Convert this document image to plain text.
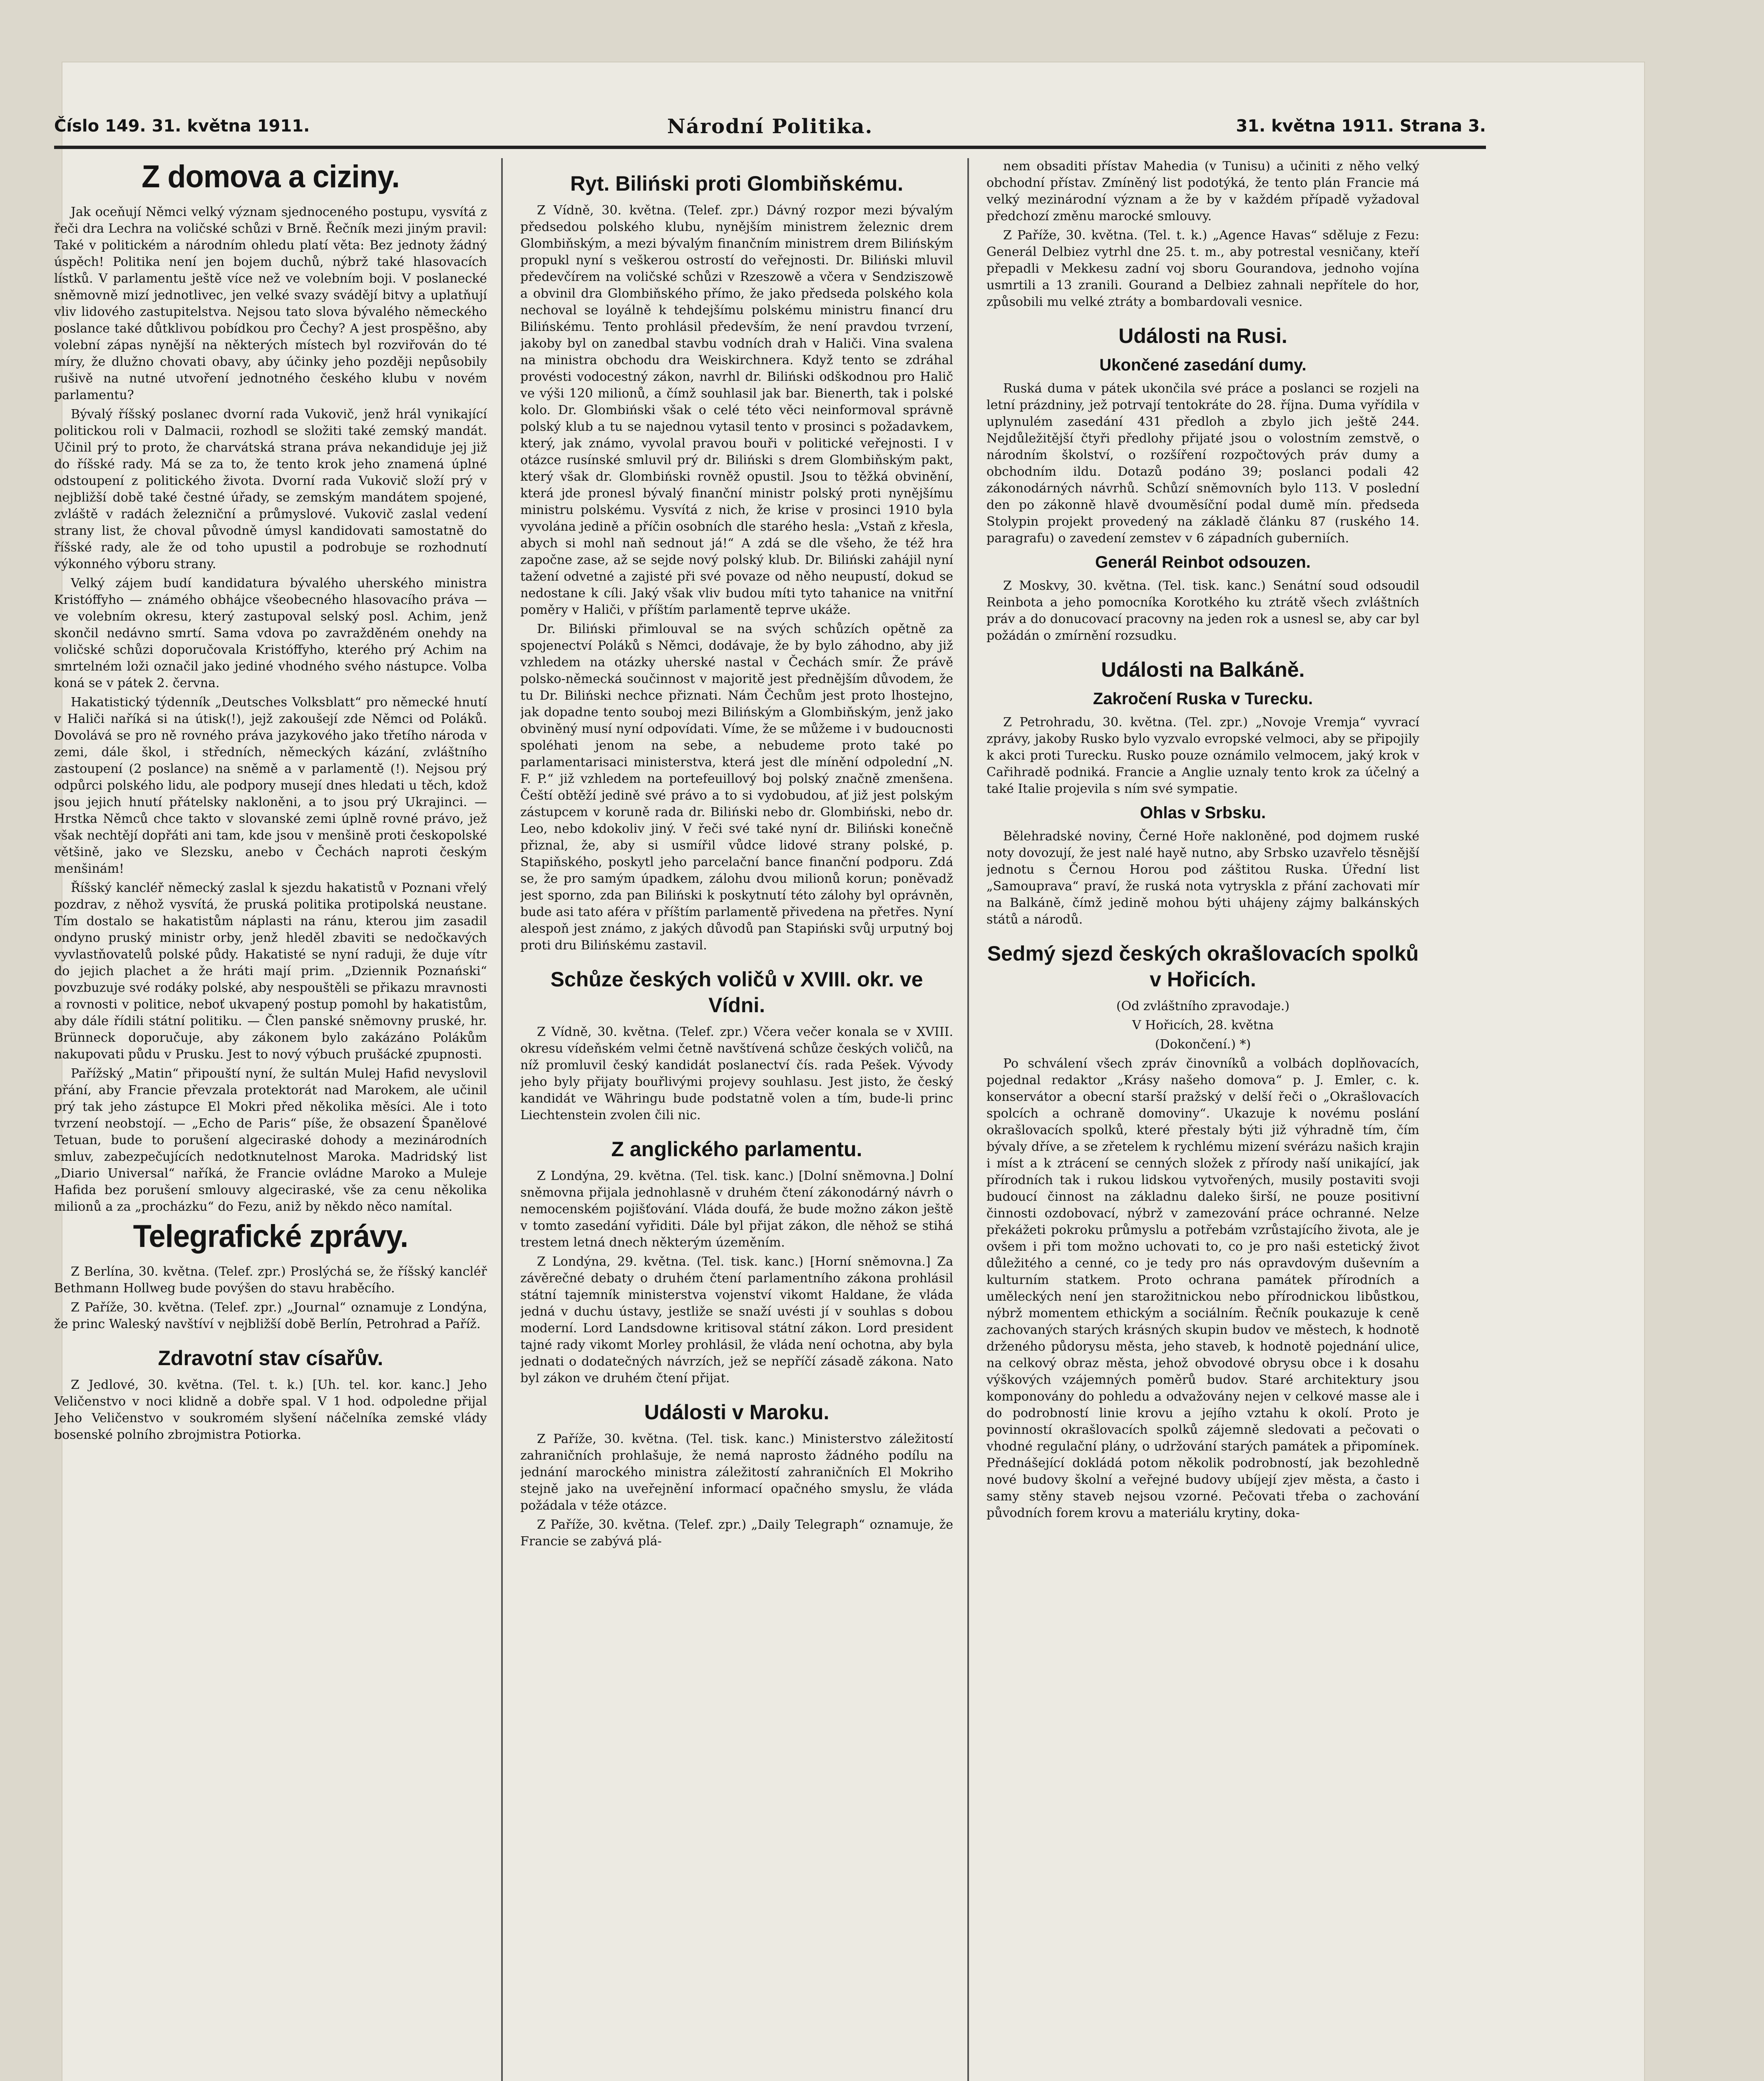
Číslo 149. 31. května 1911.	Národní Politika.	31. května 1911. Strana 3.
Z domova a ciziny.

Jak oceňují Němci velký význam sjednoceného postupu, vysvítá z řeči dra Lechra na voličské schůzi v Brně. Řečník mezi jiným pravil: Také v politickém a národním ohledu platí věta: Bez jednoty žádný úspěch! Politika není jen bojem duchů, nýbrž také hlasovacích lístků. V parlamentu ještě více než ve volebním boji. V poslanecké sněmovně mizí jednotlivec, jen velké svazy svádějí bitvy a uplatňují vliv lidového zastupitelstva. Nejsou tato slova bývalého německého poslance také důtklivou pobídkou pro Čechy? A jest prospěšno, aby volební zápas nynější na některých místech byl rozviřován do té míry, že dlužno chovati obavy, aby účinky jeho později nepůsobily rušivě na nutné utvoření jednotného českého klubu v novém parlamentu?

Bývalý říšský poslanec dvorní rada Vukovič, jenž hrál vynikající politickou roli v Dalmacii, rozhodl se složiti také zemský mandát. Učinil prý to proto, že charvátská strana práva nekandiduje jej již do říšské rady. Má se za to, že tento krok jeho znamená úplné odstoupení z politického života. Dvorní rada Vukovič složí prý v nejbližší době také čestné úřady, se zemským mandátem spojené, zvláště v radách železniční a průmyslové. Vukovič zaslal vedení strany list, že choval původně úmysl kandidovati samostatně do říšské rady, ale že od toho upustil a podrobuje se rozhodnutí výkonného výboru strany.

Velký zájem budí kandidatura bývalého uherského ministra Kristóffyho — známého obhájce všeobecného hlasovacího práva — ve volebním okresu, který zastupoval selský posl. Achim, jenž skončil nedávno smrtí. Sama vdova po zavražděném onehdy na voličské schůzi doporučovala Kristóffyho, kterého prý Achim na smrtelném loži označil jako jediné vhodného svého nástupce. Volba koná se v pátek 2. června.

Hakatistický týdenník „Deutsches Volksblatt“ pro německé hnutí v Haliči naříká si na útisk(!), jejž zakoušejí zde Němci od Poláků. Dovolává se pro ně rovného práva jazykového jako třetího národa v zemi, dále škol, i středních, německých kázání, zvláštního zastoupení (2 poslance) na sněmě a v parlamentě (!). Nejsou prý odpůrci polského lidu, ale podpory musejí dnes hledati u těch, kdož jsou jejich hnutí přátelsky nakloněni, a to jsou prý Ukrajinci. — Hrstka Němců chce takto v slovanské zemi úplně rovné právo, jež však nechtějí dopřáti ani tam, kde jsou v menšině proti českopolské většině, jako ve Slezsku, anebo v Čechách naproti českým menšinám!

Říšský kancléř německý zaslal k sjezdu hakatistů v Poznani vřelý pozdrav, z něhož vysvítá, že pruská politika protipolská neustane. Tím dostalo se hakatistům náplasti na ránu, kterou jim zasadil ondyno pruský ministr orby, jenž hleděl zbaviti se nedočkavých vyvlastňovatelů polské půdy. Hakatisté se nyní raduji, že duje vítr do jejich plachet a že hráti mají prim. „Dziennik Poznański“ povzbuzuje své rodáky polské, aby nespouštěli se přikazu mravnosti a rovnosti v politice, neboť ukvapený postup pomohl by hakatistům, aby dále řídili státní politiku. — Člen panské sněmovny pruské, hr. Brünneck doporučuje, aby zákonem bylo zakázáno Polákům nakupovati půdu v Prusku. Jest to nový výbuch prušácké zpupnosti.

Pařížský „Matin“ připouští nyní, že sultán Mulej Hafid nevyslovil přání, aby Francie převzala protektorát nad Marokem, ale učinil prý tak jeho zástupce El Mokri před několika měsíci. Ale i toto tvrzení neobstojí. — „Echo de Paris“ píše, že obsazení Španělové Tetuan, bude to porušení algeciraské dohody a mezinárodních smluv, zabezpečujících nedotknutelnost Maroka. Madridský list „Diario Universal“ naříká, že Francie ovládne Maroko a Muleje Hafida bez porušení smlouvy algeciraské, vše za cenu několika milionů a za „procházku“ do Fezu, aniž by někdo něco namítal.

Telegrafické zprávy.

Z Berlína, 30. května. (Telef. zpr.) Proslýchá se, že říšský kancléř Bethmann Hollweg bude povýšen do stavu hraběcího.

Z Paříže, 30. května. (Telef. zpr.) „Journal“ oznamuje z Londýna, že princ Waleský navštíví v nejbližší době Berlín, Petrohrad a Paříž.

Zdravotní stav císařův.

Z Jedlové, 30. května. (Tel. t. k.) [Uh. tel. kor. kanc.] Jeho Veličenstvo v noci klidně a dobře spal. V 1 hod. odpoledne přijal Jeho Veličenstvo v soukromém slyšení náčelníka zemské vlády bosenské polního zbrojmistra Potiorka.

Ryt. Biliński proti Glombiňskému.

Z Vídně, 30. května. (Telef. zpr.) Dávný rozpor mezi bývalým předsedou polského klubu, nynějším ministrem železnic drem Glombiňským, a mezi bývalým finančním ministrem drem Bilińským propukl nyní s veškerou ostrostí do veřejnosti. Dr. Biliński mluvil předevčírem na voličské schůzi v Rzeszowě a včera v Sendziszowě a obvinil dra Glombiňského přímo, že jako předseda polského kola nechoval se loyálně k tehdejšímu polskému ministru financí dru Bilińskému. Tento prohlásil především, že není pravdou tvrzení, jakoby byl on zanedbal stavbu vodních drah v Haliči. Vina svalena na ministra obchodu dra Weiskirchnera. Když tento se zdráhal provésti vodocestný zákon, navrhl dr. Biliński odškodnou pro Halič ve výši 120 milionů, a čímž souhlasil jak bar. Bienerth, tak i polské kolo. Dr. Glombiński však o celé této věci neinformoval správně polský klub a tu se najednou vytasil tento v prosinci s požadavkem, který, jak známo, vyvolal pravou bouři v politické veřejnosti. I v otázce rusínské smluvil prý dr. Biliński s drem Glombiňským pakt, který však dr. Glombiński rovněž opustil. Jsou to těžká obvinění, která jde pronesl bývalý finanční ministr polský proti nynějšímu ministru polskému. Vysvítá z nich, že krise v prosinci 1910 byla vyvolána jedině a příčin osobních dle starého hesla: „Vstaň z křesla, abych si mohl naň sednout já!“ A zdá se dle všeho, že též hra započne zase, až se sejde nový polský klub. Dr. Biliński zahájil nyní tažení odvetné a zajisté při své povaze od něho neupustí, dokud se nedostane k cíli. Jaký však vliv budou míti tyto tahanice na vnitřní poměry v Haliči, v příštím parlamentě teprve ukáže.

Dr. Biliński přimlouval se na svých schůzích opětně za spojenectví Poláků s Němci, dodávaje, že by bylo záhodno, aby již vzhledem na otázky uherské nastal v Čechách smír. Že právě polsko-německá součinnost v majoritě jest přednějším důvodem, že tu Dr. Biliński nechce přiznati. Nám Čechům jest proto lhostejno, jak dopadne tento souboj mezi Bilińským a Glombiňským, jenž jako obviněný musí nyní odpovídati. Víme, že se můžeme i v budoucnosti spoléhati jenom na sebe, a nebudeme proto také po parlamentarisaci ministerstva, která jest dle mínění odpolední „N. F. P.“ již vzhledem na portefeuillový boj polský značně zmenšena. Čeští obtěží jedině své právo a to si vydobudou, ať již jest polským zástupcem v koruně rada dr. Biliński nebo dr. Glombiński, nebo dr. Leo, nebo kdokoliv jiný. V řeči své také nyní dr. Biliński konečně přiznal, že, aby si usmířil vůdce lidové strany polské, p. Stapiňského, poskytl jeho parcelační bance finanční podporu. Zdá se, že pro samým úpadkem, zálohu dvou milionů korun; poněvadž jest sporno, zda pan Biliński k poskytnutí této zálohy byl oprávněn, bude asi tato aféra v příštím parlamentě přivedena na přetřes. Nyní alespoň jest známo, z jakých důvodů pan Stapiński svůj urputný boj proti dru Bilińskému zastavil.

Schůze českých voličů v XVIII. okr. ve Vídni.

Z Vídně, 30. května. (Telef. zpr.) Včera večer konala se v XVIII. okresu vídeňském velmi četně navštívená schůze českých voličů, na níž promluvil český kandidát poslanectví čís. rada Pešek. Vývody jeho byly přijaty bouřlivými projevy souhlasu. Jest jisto, že český kandidát ve Währingu bude podstatně volen a tím, bude-li princ Liechtenstein zvolen čili nic.

Z anglického parlamentu.

Z Londýna, 29. května. (Tel. tisk. kanc.) [Dolní sněmovna.] Dolní sněmovna přijala jednohlasně v druhém čtení zákonodárný návrh o nemocenském pojišťování. Vláda doufá, že bude možno zákon ještě v tomto zasedání vyřiditi. Dále byl přijat zákon, dle něhož se stihá trestem letná dnech některým územěním.

Z Londýna, 29. května. (Tel. tisk. kanc.) [Horní sněmovna.] Za závěrečné debaty o druhém čtení parlamentního zákona prohlásil státní tajemník ministerstva vojenství vikomt Haldane, že vláda jedná v duchu ústavy, jestliže se snaží uvésti jí v souhlas s dobou moderní. Lord Landsdowne kritisoval státní zákon. Lord president tajné rady vikomt Morley prohlásil, že vláda není ochotna, aby byla jednati o dodatečných návrzích, jež se nepříčí zásadě zákona. Nato byl zákon ve druhém čtení přijat.

Události v Maroku.

Z Paříže, 30. května. (Tel. tisk. kanc.) Ministerstvo záležitostí zahraničních prohlašuje, že nemá naprosto žádného podílu na jednání marockého ministra záležitostí zahraničních El Mokriho stejně jako na uveřejnění informací opačného smyslu, že vláda požádala v téže otázce.

Z Paříže, 30. května. (Telef. zpr.) „Daily Telegraph“ oznamuje, že Francie se zabývá plá-

nem obsaditi přístav Mahedia (v Tunisu) a učiniti z něho velký obchodní přístav. Zmíněný list podotýká, že tento plán Francie má velký mezinárodní význam a že by v každém případě vyžadoval předchozí změnu marocké smlouvy.

Z Paříže, 30. května. (Tel. t. k.) „Agence Havas“ sděluje z Fezu: Generál Delbiez vytrhl dne 25. t. m., aby potrestal vesničany, kteří přepadli v Mekkesu zadní voj sboru Gourandova, jednoho vojína usmrtili a 13 zranili. Gourand a Delbiez zahnali nepřítele do hor, způsobili mu velké ztráty a bombardovali vesnice.

Události na Rusi.
Ukončené zasedání dumy.

Ruská duma v pátek ukončila své práce a poslanci se rozjeli na letní prázdniny, jež potrvají tentokráte do 28. října. Duma vyřídila v uplynulém zasedání 431 předloh a zbylo jich ještě 244. Nejdůležitější čtyři předlohy přijaté jsou o volostním zemstvě, o národním školství, o rozšíření rozpočtových práv dumy a obchodním ildu. Dotazů podáno 39; poslanci podali 42 zákonodárných návrhů. Schůzí sněmovních bylo 113. V poslední den po zákonně hlavě dvouměsíční podal dumě mín. předseda Stolypin projekt provedený na základě článku 87 (ruského 14. paragrafu) o zavedení zemstev v 6 západních guberniích.

Generál Reinbot odsouzen.

Z Moskvy, 30. května. (Tel. tisk. kanc.) Senátní soud odsoudil Reinbota a jeho pomocníka Korotkého ku ztrátě všech zvláštních práv a do donucovací pracovny na jeden rok a usnesl se, aby car byl požádán o zmírnění rozsudku.

Události na Balkáně.
Zakročení Ruska v Turecku.

Z Petrohradu, 30. května. (Tel. zpr.) „Novoje Vremja“ vyvrací zprávy, jakoby Rusko bylo vyzvalo evropské velmoci, aby se připojily k akci proti Turecku. Rusko pouze oznámilo velmocem, jaký krok v Cařihradě podniká. Francie a Anglie uznaly tento krok za účelný a také Italie projevila s ním své sympatie.

Ohlas v Srbsku.

Bělehradské noviny, Černé Hoře nakloněné, pod dojmem ruské noty dovozují, že jest nalé hayě nutno, aby Srbsko uzavřelo těsnější jednotu s Černou Horou pod záštitou Ruska. Úřední list „Samouprava“ praví, že ruská nota vytryskla z přání zachovati mír na Balkáně, čímž jedině mohou býti uhájeny zájmy balkánských států a národů.

Sedmý sjezd českých okrašlovacích spolků v Hořicích.

(Od zvláštního zpravodaje.)

V Hořicích, 28. května

(Dokončení.) *)

Po schválení všech zpráv činovníků a volbách doplňovacích, pojednal redaktor „Krásy našeho domova“ p. J. Emler, c. k. konservátor a obecní starší pražský v delší řeči o „Okrašlovacích spolcích a ochraně domoviny“. Ukazuje k novému poslání okrašlovacích spolků, které přestaly býti již výhradně tím, čím bývaly dříve, a se zřetelem k rychlému mizení svérázu našich krajin i míst a k ztrácení se cenných složek z přírody naší unikající, jak přírodních tak i rukou lidskou vytvořených, musily postaviti svoji budoucí činnost na základnu daleko širší, ne pouze positivní činnosti ozdobovací, nýbrž v zamezování práce ochranné. Nelze překážeti pokroku průmyslu a potřebám vzrůstajícího života, ale je ovšem i při tom možno uchovati to, co je pro naši estetický život důležitého a cenné, co je tedy pro nás opravdovým duševním a kulturním statkem. Proto ochrana památek přírodních a uměleckých není jen starožitnickou nebo přírodnickou libůstkou, nýbrž momentem ethickým a sociálním. Řečník poukazuje k ceně zachovaných starých krásných skupin budov ve městech, k hodnotě drženého půdorysu města, jeho staveb, k hodnotě pojednání ulice, na celkový obraz města, jehož obvodové obrysu obce i k dosahu výškových vzájemných poměrů budov. Staré architektury jsou komponovány do pohledu a odvažovány nejen v celkové masse ale i do podrobností linie krovu a jejího vztahu k okolí. Proto je povinností okrašlovacích spolků zájemně sledovati a pečovati o vhodné regulační plány, o udržování starých památek a připomínek. Přednášející dokládá potom několik podrobností, jak bezohledně nové budovy školní a veřejné budovy ubíjejí zjev města, a často i samy stěny staveb nejsou vzorné. Pečovati třeba o zachování původních forem krovu a materiálu krytiny, doka-
